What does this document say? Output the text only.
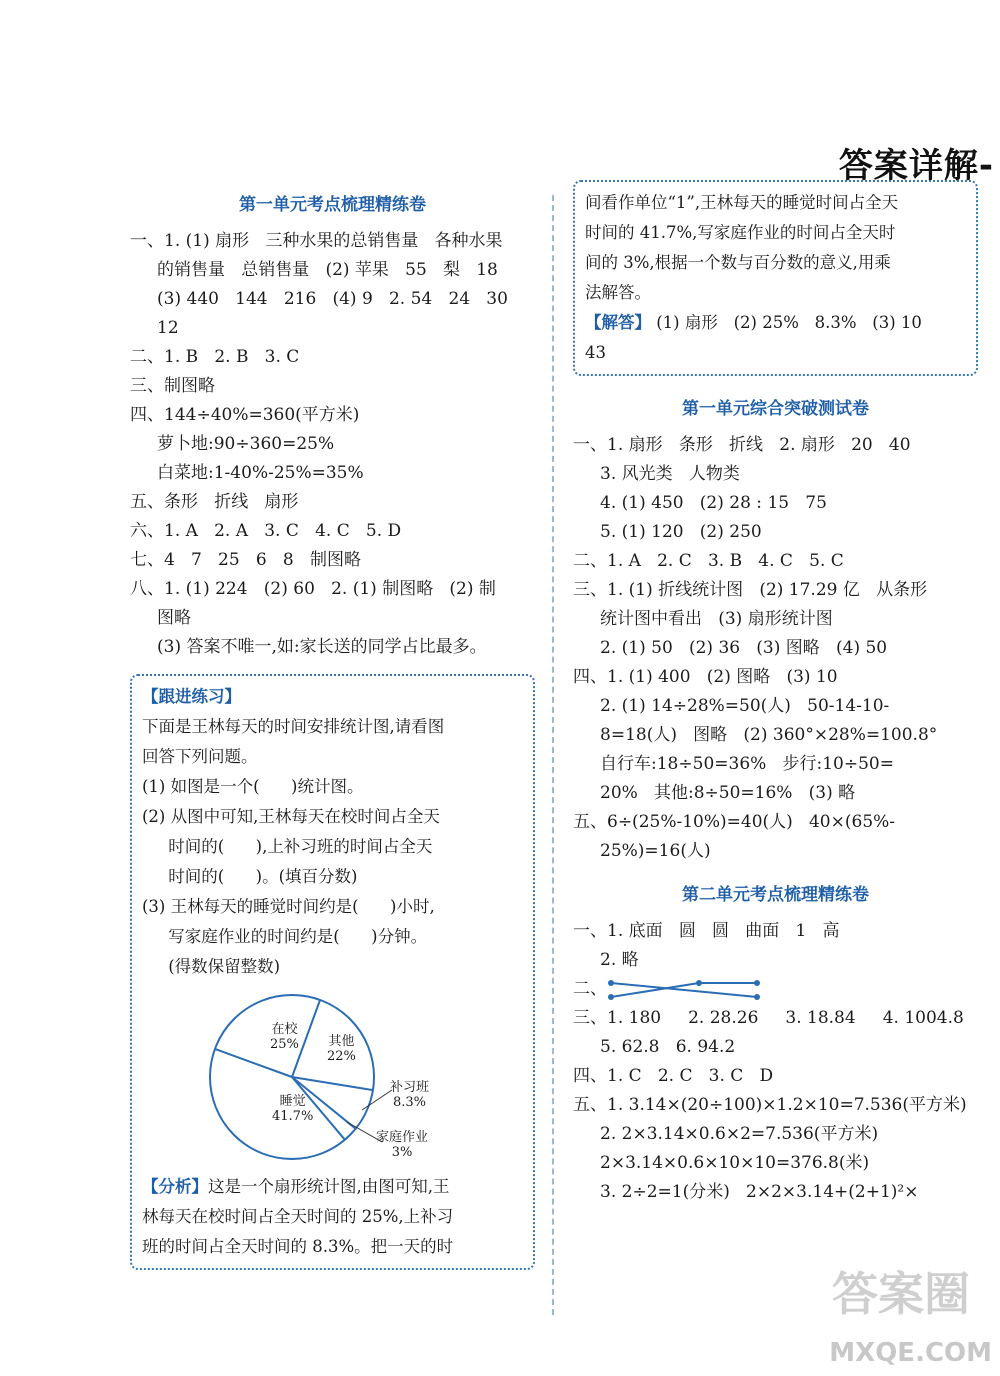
答案详解-
第一单元考点梳理精练卷
一、1. (1) 扇形   三种水果的总销售量   各种水果
的销售量   总销售量   (2) 苹果   55   梨   18
(3) 440   144   216   (4) 9   2. 54   24   30
12
二、1. B   2. B   3. C
三、制图略
四、144÷40%=360(平方米)
萝卜地:90÷360=25%
白菜地:1-40%-25%=35%
五、条形   折线   扇形
六、1. A   2. A   3. C   4. C   5. D
七、4   7   25   6   8   制图略
八、1. (1) 224   (2) 60   2. (1) 制图略   (2) 制
图略
(3) 答案不唯一,如:家长送的同学占比最多。
【跟进练习】
下面是王林每天的时间安排统计图,请看图
回答下列问题。
(1) 如图是一个(      )统计图。
(2) 从图中可知,王林每天在校时间占全天
时间的(      ),上补习班的时间占全天
时间的(      )。(填百分数)
(3) 王林每天的睡觉时间约是(      )小时,
写家庭作业的时间约是(      )分钟。
(得数保留整数)
在校
25% 其他
22%
补习班
8.3%
家庭作业
3%
睡觉
41.7%
【分析】这是一个扇形统计图,由图可知,王
林每天在校时间占全天时间的 25%,上补习
班的时间占全天时间的 8.3%。把一天的时
间看作单位“1”,王林每天的睡觉时间占全天
时间的 41.7%,写家庭作业的时间占全天时
间的 3%,根据一个数与百分数的意义,用乘
法解答。
【解答】 (1) 扇形   (2) 25%   8.3%   (3) 10
43
第一单元综合突破测试卷
一、1. 扇形   条形   折线   2. 扇形   20   40
3. 风光类   人物类
4. (1) 450   (2) 28 : 15   75
5. (1) 120   (2) 250
二、1. A   2. C   3. B   4. C   5. C
三、1. (1) 折线统计图   (2) 17.29 亿   从条形
统计图中看出   (3) 扇形统计图
2. (1) 50   (2) 36   (3) 图略   (4) 50
四、1. (1) 400   (2) 图略   (3) 10
2. (1) 14÷28%=50(人)   50-14-10-
8=18(人)   图略   (2) 360°×28%=100.8°
自行车:18÷50=36%   步行:10÷50=
20%   其他:8÷50=16%   (3) 略
五、6÷(25%-10%)=40(人)   40×(65%-
25%)=16(人)
第二单元考点梳理精练卷
一、1. 底面   圆   圆   曲面   1   高
2. 略
二、
三、1. 180     2. 28.26     3. 18.84     4. 1004.8
5. 62.8   6. 94.2
四、1. C   2. C   3. C   D
五、1. 3.14×(20÷100)×1.2×10=7.536(平方米)
2. 2×3.14×0.6×2=7.536(平方米)
2×3.14×0.6×10×10=376.8(米)
3. 2÷2=1(分米)   2×2×3.14+(2+1)²×
答案圈
MXQE.COM
